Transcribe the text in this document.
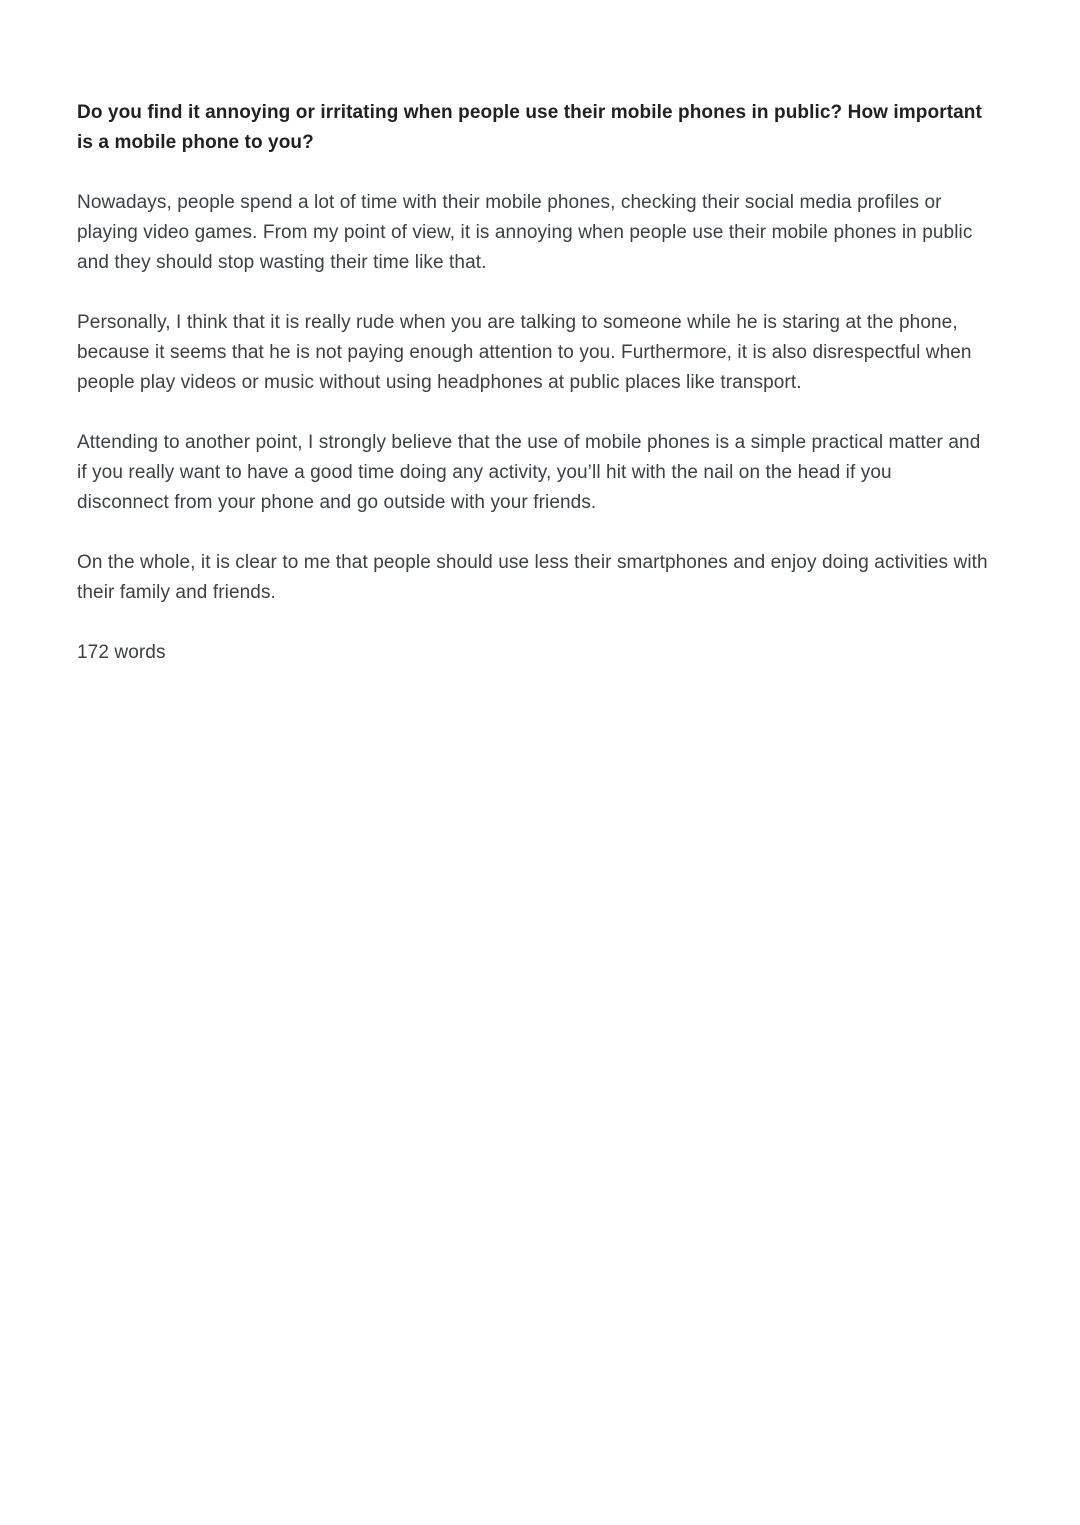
Do you find it annoying or irritating when people use their mobile phones in public? How important is a mobile phone to you?

Nowadays, people spend a lot of time with their mobile phones, checking their social media profiles or playing video games. From my point of view, it is annoying when people use their mobile phones in public and they should stop wasting their time like that.

Personally, I think that it is really rude when you are talking to someone while he is staring at the phone, because it seems that he is not paying enough attention to you. Furthermore, it is also disrespectful when people play videos or music without using headphones at public places like transport.

Attending to another point, I strongly believe that the use of mobile phones is a simple practical matter and if you really want to have a good time doing any activity, you’ll hit with the nail on the head if you disconnect from your phone and go outside with your friends.

On the whole, it is clear to me that people should use less their smartphones and enjoy doing activities with their family and friends.

172 words
